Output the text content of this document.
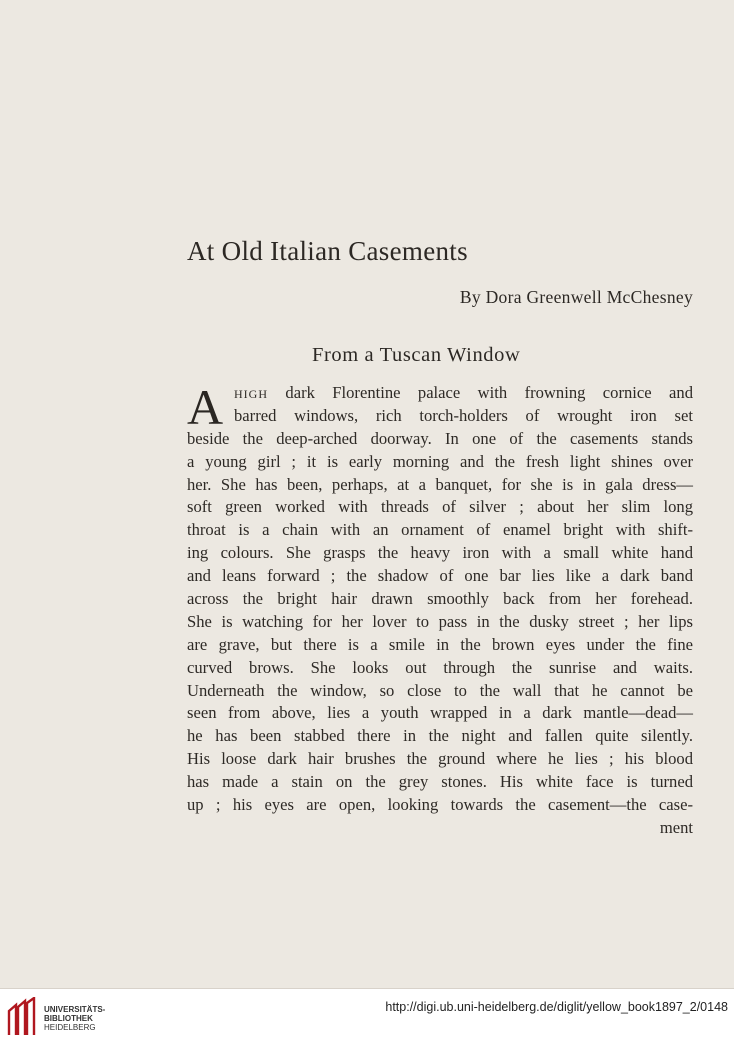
At Old Italian Casements
By Dora Greenwell McChesney
From a Tuscan Window
A high dark Florentine palace with frowning cornice and
barred windows, rich torch-holders of wrought iron set
beside the deep-arched doorway. In one of the casements stands
a young girl ; it is early morning and the fresh light shines over
her. She has been, perhaps, at a banquet, for she is in gala dress—
soft green worked with threads of silver ; about her slim long
throat is a chain with an ornament of enamel bright with shift-
ing colours. She grasps the heavy iron with a small white hand
and leans forward ; the shadow of one bar lies like a dark band
across the bright hair drawn smoothly back from her forehead.
She is watching for her lover to pass in the dusky street ; her lips
are grave, but there is a smile in the brown eyes under the fine
curved brows. She looks out through the sunrise and waits.
Underneath the window, so close to the wall that he cannot be
seen from above, lies a youth wrapped in a dark mantle—dead—
he has been stabbed there in the night and fallen quite silently.
His loose dark hair brushes the ground where he lies ; his blood
has made a stain on the grey stones. His white face is turned
up ; his eyes are open, looking towards the casement—the case-
ment
UNIVERSITÄTS-
BIBLIOTHEK
HEIDELBERG
http://digi.ub.uni-heidelberg.de/diglit/yellow_book1897_2/0148
